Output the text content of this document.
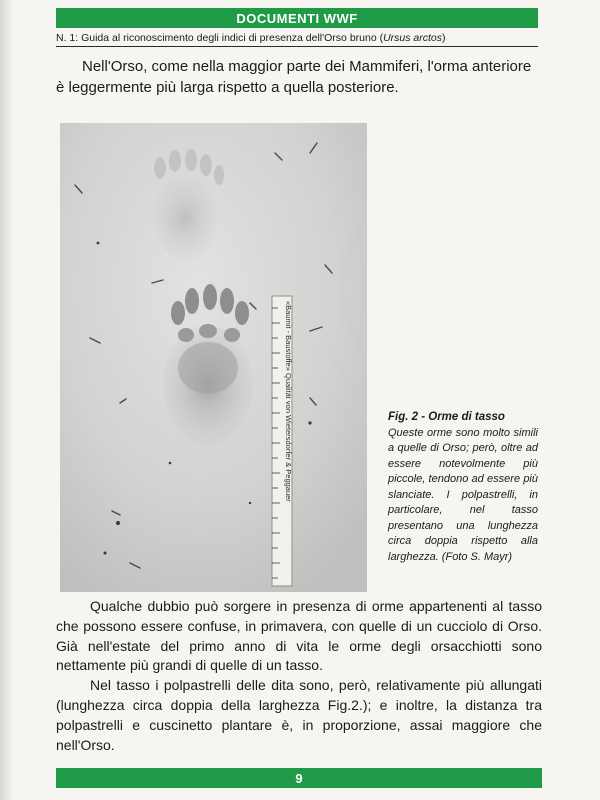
DOCUMENTI WWF
N. 1: Guida al riconoscimento degli indici di presenza dell'Orso bruno (Ursus arctos)
Nell'Orso, come nella maggior parte dei Mammiferi, l'orma anteriore è leggermente più larga rispetto a quella posteriore.
«Baumit - Baustoffe» Qualität von Wietersdorfer & Peggauer	Fig. 2 - Orme di tasso
Queste orme sono molto simili a quelle di Orso; però, oltre ad essere notevolmente più piccole, tendono ad essere più slanciate. I polpastrelli, in particolare, nel tasso presentano una lunghezza circa doppia rispetto alla larghezza. (Foto S. Mayr)

Qualche dubbio può sorgere in presenza di orme appartenenti al tasso che possono essere confuse, in primavera, con quelle di un cucciolo di Orso. Già nell'estate del primo anno di vita le orme degli orsacchiotti sono nettamente più grandi di quelle di un tasso.

Nel tasso i polpastrelli delle dita sono, però, relativamente più allungati (lunghezza circa doppia della larghezza Fig.2.); e inoltre, la distanza tra polpastrelli e cuscinetto plantare è, in proporzione, assai maggiore che nell'Orso.

9
